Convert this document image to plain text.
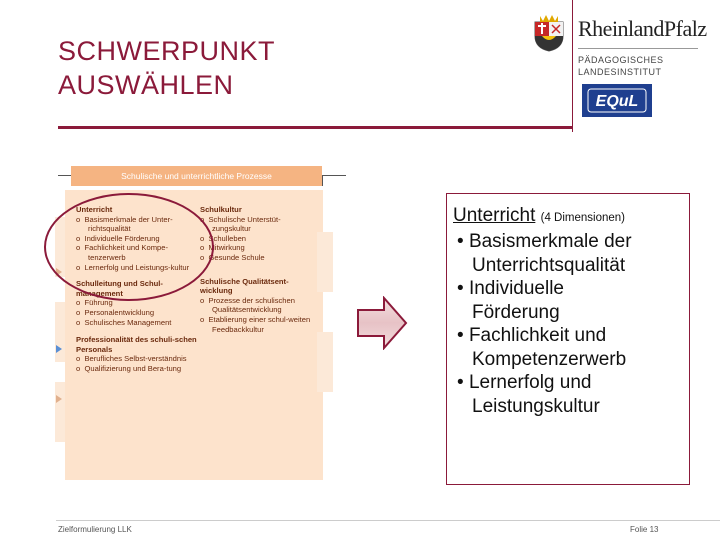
SCHWERPUNKT
AUSWÄHLEN
RheinlandPfalz
PÄDAGOGISCHES
LANDESINSTITUT
EQuL
Schulische und unterrichtliche Prozesse
Unterricht
o  Basismerkmale der Unter-richtsqualität
o  Individuelle Förderung
o  Fachlichkeit und Kompe-tenzerwerb
o  Lernerfolg und Leistungs-kultur
Schulleitung und Schul-management
o  Führung
o  Personalentwicklung
o  Schulisches Management
Professionalität des schuli-schen Personals
o  Berufliches Selbst-verständnis
o  Qualifizierung und Bera-tung
Schulkultur
o  Schulische Unterstüt-zungskultur
o  Schulleben
o  Mitwirkung
o  Gesunde Schule
Schulische Qualitätsent-wicklung
o  Prozesse der schulischen Qualitätsentwicklung
o  Etablierung einer schul-weiten Feedbackkultur
Unterricht (4 Dimensionen)
• Basismerkmale der
Unterrichtsqualität
• Individuelle
Förderung
• Fachlichkeit und
Kompetenzerwerb
• Lernerfolg und
Leistungskultur
Zielformulierung LLK	Folie 13
